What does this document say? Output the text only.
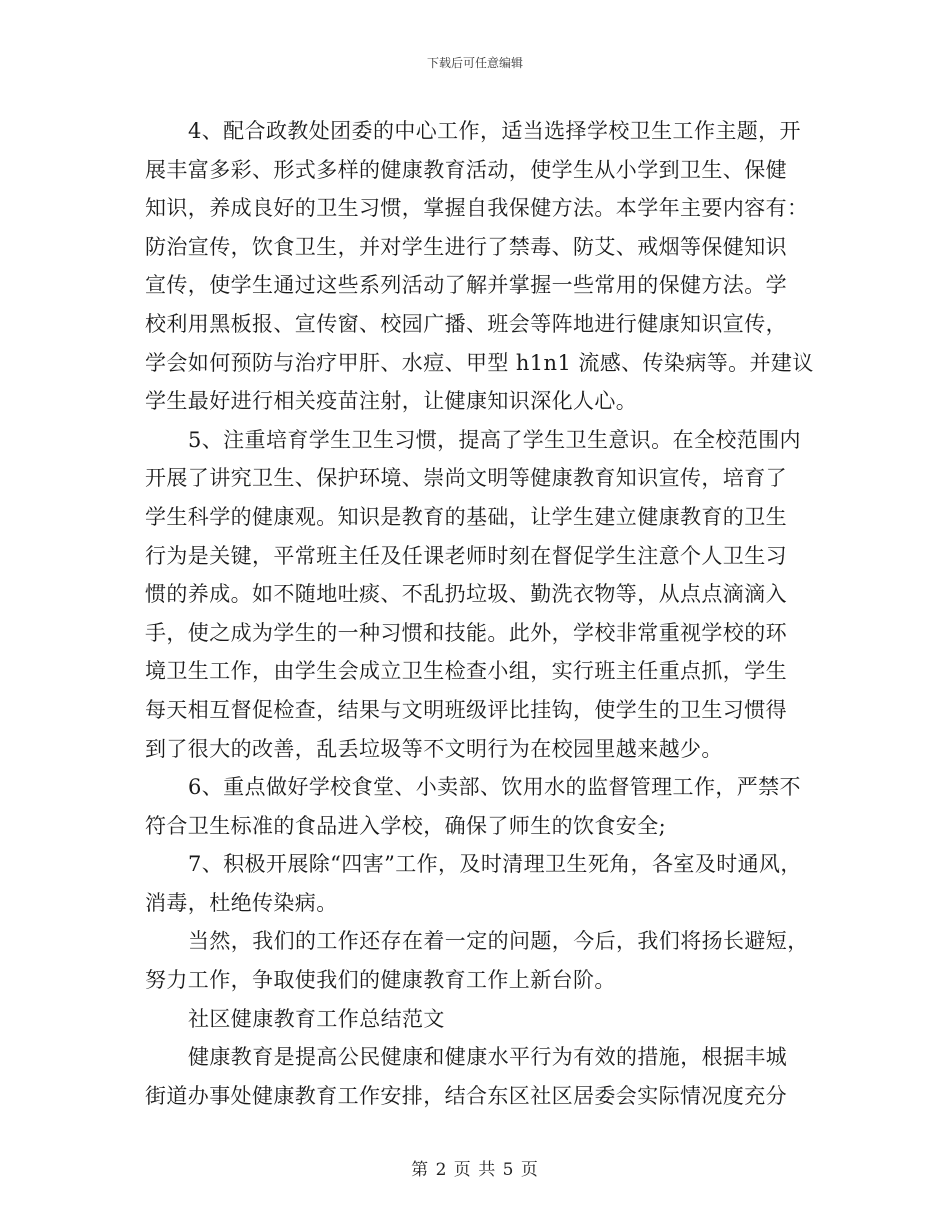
下载后可任意编辑
4、配合政教处团委的中心工作，适当选择学校卫生工作主题，开
展丰富多彩、形式多样的健康教育活动，使学生从小学到卫生、保健
知识，养成良好的卫生习惯，掌握自我保健方法。本学年主要内容有：
防治宣传，饮食卫生，并对学生进行了禁毒、防艾、戒烟等保健知识
宣传，使学生通过这些系列活动了解并掌握一些常用的保健方法。学
校利用黑板报、宣传窗、校园广播、班会等阵地进行健康知识宣传，
学会如何预防与治疗甲肝、水痘、甲型 h1n1 流感、传染病等。并建议
学生最好进行相关疫苗注射，让健康知识深化人心。
5、注重培育学生卫生习惯，提高了学生卫生意识。在全校范围内
开展了讲究卫生、保护环境、崇尚文明等健康教育知识宣传，培育了
学生科学的健康观。知识是教育的基础，让学生建立健康教育的卫生
行为是关键，平常班主任及任课老师时刻在督促学生注意个人卫生习
惯的养成。如不随地吐痰、不乱扔垃圾、勤洗衣物等，从点点滴滴入
手，使之成为学生的一种习惯和技能。此外，学校非常重视学校的环
境卫生工作，由学生会成立卫生检查小组，实行班主任重点抓，学生
每天相互督促检查，结果与文明班级评比挂钩，使学生的卫生习惯得
到了很大的改善，乱丢垃圾等不文明行为在校园里越来越少。
6、重点做好学校食堂、小卖部、饮用水的监督管理工作，严禁不
符合卫生标准的食品进入学校，确保了师生的饮食安全;
7、积极开展除“四害”工作，及时清理卫生死角，各室及时通风，
消毒，杜绝传染病。
当然，我们的工作还存在着一定的问题，今后，我们将扬长避短，
努力工作，争取使我们的健康教育工作上新台阶。
社区健康教育工作总结范文
健康教育是提高公民健康和健康水平行为有效的措施，根据丰城
街道办事处健康教育工作安排，结合东区社区居委会实际情况度充分
第 2 页 共 5 页
